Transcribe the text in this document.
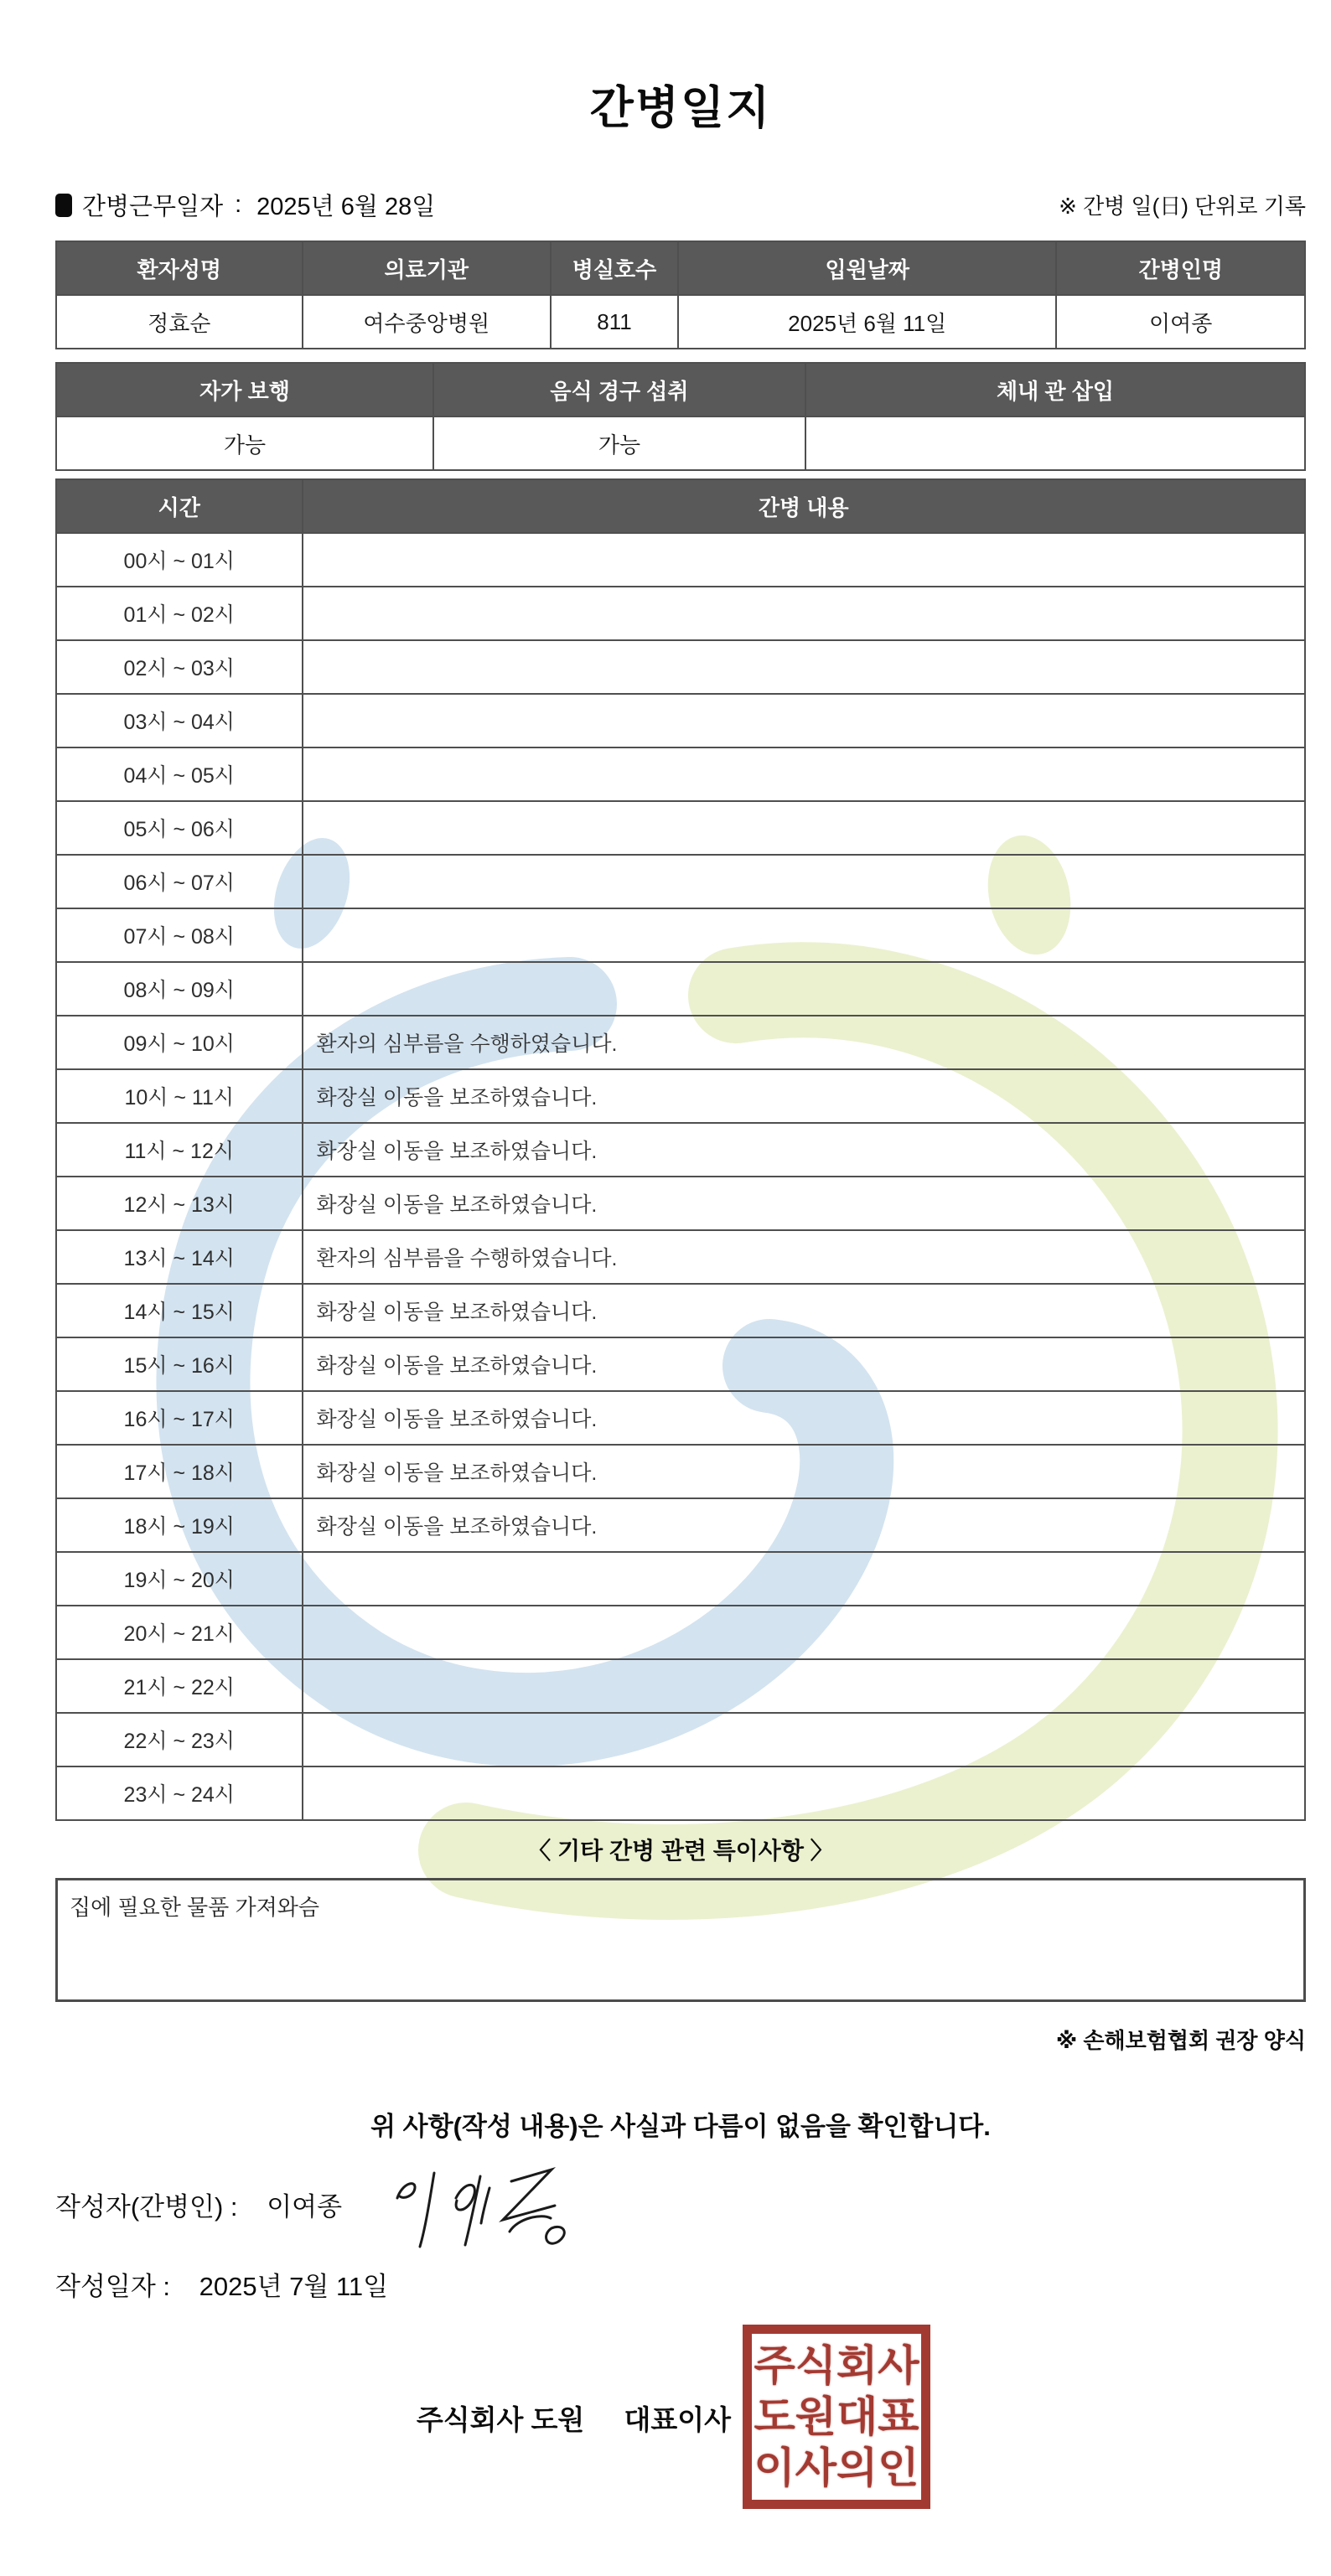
간병일지
간병근무일자 : 2025년 6월 28일	※ 간병 일(日) 단위로 기록
환자성명	의료기관	병실호수	입원날짜	간병인명
정효순	여수중앙병원	811	2025년 6월 11일	이여종
자가 보행	음식 경구 섭취	체내 관 삽입
가능	가능	
시간	간병 내용
00시 ~ 01시	
01시 ~ 02시	
02시 ~ 03시	
03시 ~ 04시	
04시 ~ 05시	
05시 ~ 06시	
06시 ~ 07시	
07시 ~ 08시	
08시 ~ 09시	
09시 ~ 10시	환자의 심부름을 수행하였습니다.
10시 ~ 11시	화장실 이동을 보조하였습니다.
11시 ~ 12시	화장실 이동을 보조하였습니다.
12시 ~ 13시	화장실 이동을 보조하였습니다.
13시 ~ 14시	환자의 심부름을 수행하였습니다.
14시 ~ 15시	화장실 이동을 보조하였습니다.
15시 ~ 16시	화장실 이동을 보조하였습니다.
16시 ~ 17시	화장실 이동을 보조하였습니다.
17시 ~ 18시	화장실 이동을 보조하였습니다.
18시 ~ 19시	화장실 이동을 보조하였습니다.
19시 ~ 20시	
20시 ~ 21시	
21시 ~ 22시	
22시 ~ 23시	
23시 ~ 24시	
〈 기타 간병 관련 특이사항 〉
집에 필요한 물품 가져와슴
※ 손해보험협회 권장 양식
위 사항(작성 내용)은 사실과 다름이 없음을 확인합니다.
작성자(간병인) : 이여종
작성일자 : 2025년 7월 11일
주식회사 도원 대표이사
주식회사
도원대표
이사의인
